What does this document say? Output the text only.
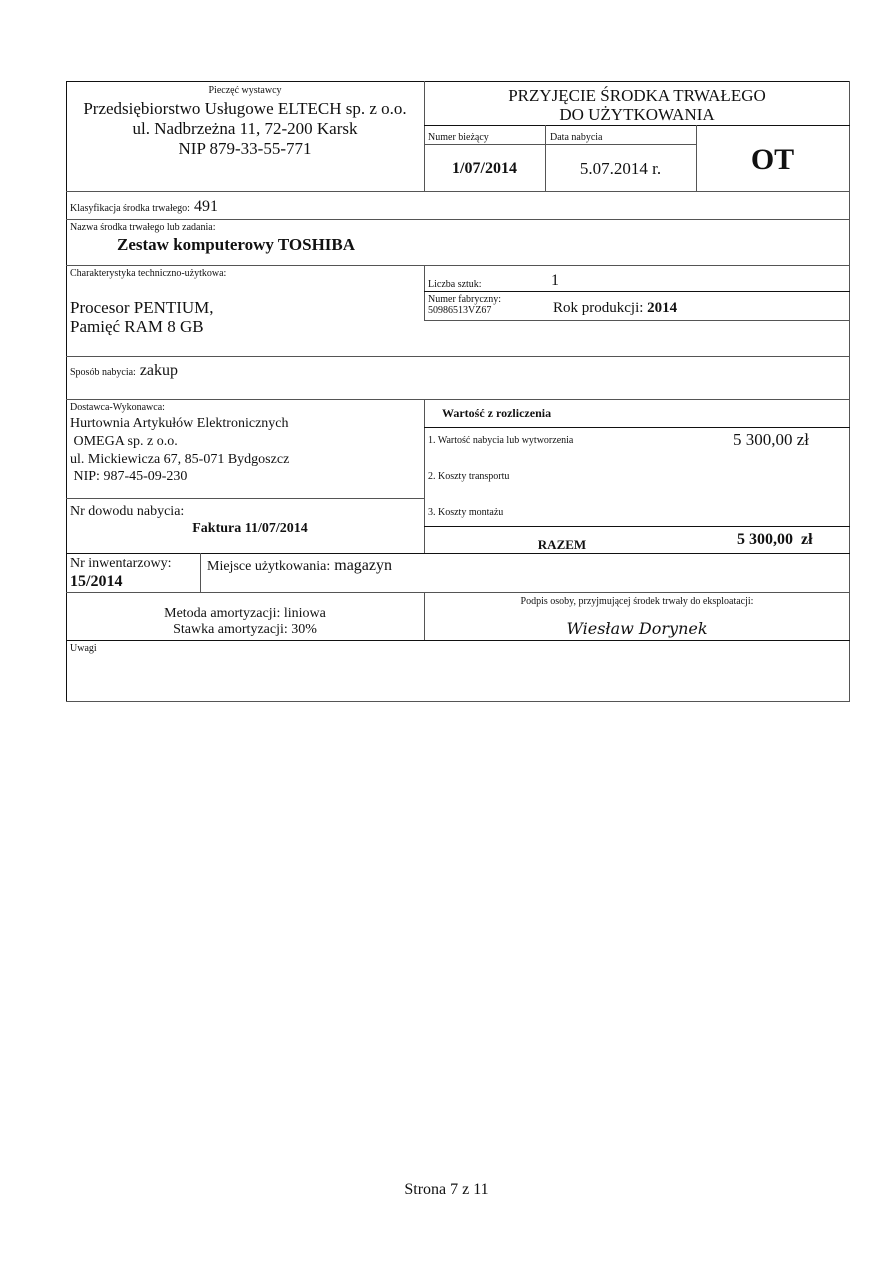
Pieczęć wystawcy
Przedsiębiorstwo Usługowe ELTECH sp. z o.o.
ul. Nadbrzeżna 11, 72-200 Karsk
NIP 879-33-55-771
PRZYJĘCIE ŚRODKA TRWAŁEGO
DO UŻYTKOWANIA
Numer bieżący	Data nabycia
1/07/2014	5.07.2014 r.	OT
Klasyfikacja środka trwałego: 491
Nazwa środka trwałego lub zadania:
Zestaw komputerowy TOSHIBA
Charakterystyka techniczno-użytkowa:
Procesor PENTIUM,
Pamięć RAM 8 GB
Liczba sztuk:	1
Numer fabryczny:
50986513VZ67	Rok produkcji: 2014
Sposób nabycia: zakup
Dostawca-Wykonawca:
Hurtownia Artykułów Elektronicznych
OMEGA sp. z o.o.
ul. Mickiewicza 67, 85-071 Bydgoszcz
NIP: 987-45-09-230
Nr dowodu nabycia:
Faktura 11/07/2014
Wartość z rozliczenia
1. Wartość nabycia lub wytworzenia	5 300,00 zł
2. Koszty transportu
3. Koszty montażu
RAZEM	5 300,00  zł
Nr inwentarzowy:
15/2014
Miejsce użytkowania: magazyn
Metoda amortyzacji: liniowa
Stawka amortyzacji: 30%
Podpis osoby, przyjmującej środek trwały do eksploatacji:
Wiesław Dorynek
Uwagi
Strona 7 z 11
